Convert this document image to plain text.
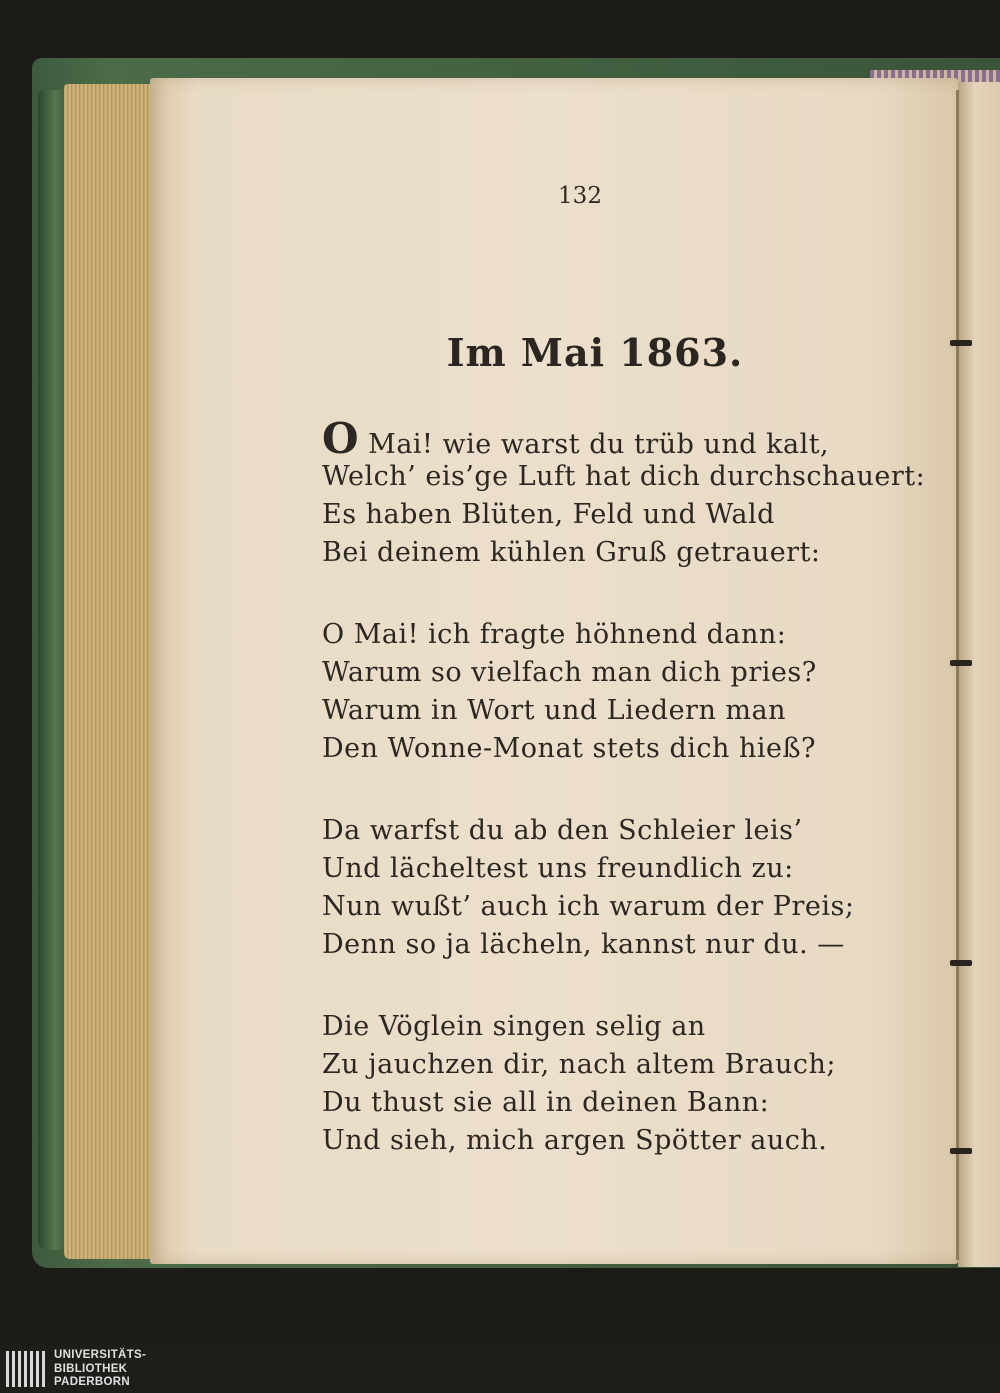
132
Im Mai 1863.
O Mai! wie warst du trüb und kalt,
Welch’ eis’ge Luft hat dich durchschauert:
Es haben Blüten, Feld und Wald
Bei deinem kühlen Gruß getrauert:
O Mai! ich fragte höhnend dann:
Warum so vielfach man dich pries?
Warum in Wort und Liedern man
Den Wonne-Monat stets dich hieß?
Da warfst du ab den Schleier leis’
Und lächeltest uns freundlich zu:
Nun wußt’ auch ich warum der Preis;
Denn so ja lächeln, kannst nur du. —
Die Vöglein singen selig an
Zu jauchzen dir, nach altem Brauch;
Du thust sie all in deinen Bann:
Und sieh, mich argen Spötter auch.
UNIVERSITÄTS-
BIBLIOTHEK
PADERBORN
